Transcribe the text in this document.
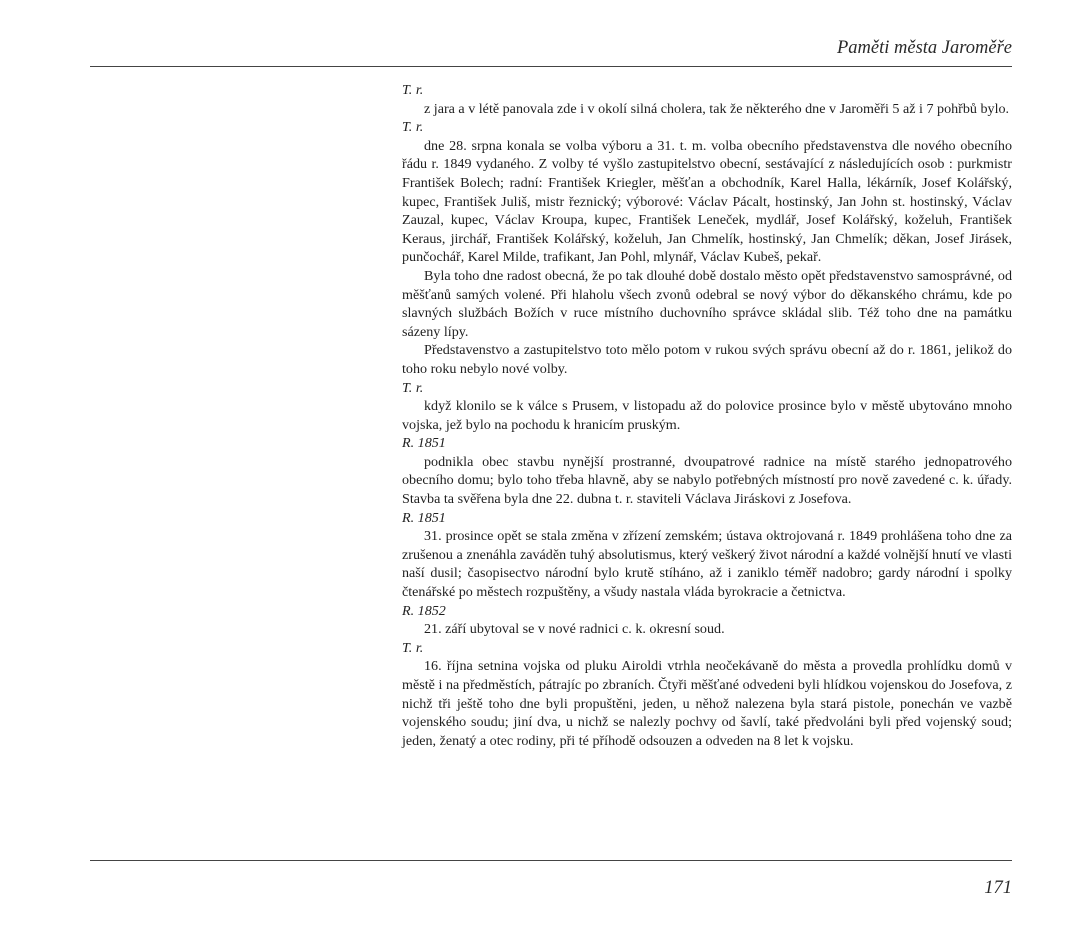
Paměti města Jaroměře

T. r.

z jara a v létě panovala zde i v okolí silná cholera, tak že některého dne v Jaroměři 5 až i 7 pohřbů bylo.

T. r.

dne 28. srpna konala se volba výboru a 31. t. m. volba obecního představenstva dle nového obecního řádu r. 1849 vydaného. Z volby té vyšlo zastupitelstvo obecní, sestávající z následujících osob : purkmistr František Bolech; radní: František Kriegler, měšťan a obchodník, Karel Halla, lékárník, Josef Kolářský, kupec, František Juliš, mistr řeznický; výborové: Václav Pácalt, hostinský, Jan John st. hostinský, Václav Zauzal, kupec, Václav Kroupa, kupec, František Leneček, mydlář, Josef Kolářský, koželuh, František Keraus, jirchář, František Kolářský, koželuh, Jan Chmelík, hostinský, Jan Chmelík; děkan, Josef Jirásek, punčochář, Karel Milde, trafikant, Jan Pohl, mlynář, Václav Kubeš, pekař.

Byla toho dne radost obecná, že po tak dlouhé době dostalo město opět představenstvo samosprávné, od měšťanů samých volené. Při hlaholu všech zvonů odebral se nový výbor do děkanského chrámu, kde po slavných službách Božích v ruce místního duchovního správce skládal slib. Též toho dne na památku sázeny lípy.

Představenstvo a zastupitelstvo toto mělo potom v rukou svých správu obecní až do r. 1861, jelikož do toho roku nebylo nové volby.

T. r.

když klonilo se k válce s Prusem, v listopadu až do polovice prosince bylo v městě ubytováno mnoho vojska, jež bylo na pochodu k hranicím pruským.

R. 1851

podnikla obec stavbu nynější prostranné, dvoupatrové radnice na místě starého jednopatrového obecního domu; bylo toho třeba hlavně, aby se nabylo potřebných místností pro nově zavedené c. k. úřady. Stavba ta svěřena byla dne 22. dubna t. r. staviteli Václava Jiráskovi z Josefova.

R. 1851

31. prosince opět se stala změna v zřízení zemském; ústava oktrojovaná r. 1849 prohlášena toho dne za zrušenou a znenáhla zaváděn tuhý absolutismus, který veškerý život národní a každé volnější hnutí ve vlasti naší dusil; časopisectvo národní bylo krutě stíháno, až i zaniklo téměř nadobro; gardy národní i spolky čtenářské po městech rozpuštěny, a všudy nastala vláda byrokracie a četnictva.

R. 1852

21. září ubytoval se v nové radnici c. k. okresní soud.

T. r.

16. října setnina vojska od pluku Airoldi vtrhla neočekávaně do města a provedla prohlídku domů v městě i na předměstích, pátrajíc po zbraních. Čtyři měšťané odvedeni byli hlídkou vojenskou do Josefova, z nichž tři ještě toho dne byli propuštěni, jeden, u něhož nalezena byla stará pistole, ponechán ve vazbě vojenského soudu; jiní dva, u nichž se nalezly pochvy od šavlí, také předvoláni byli před vojenský soud; jeden, ženatý a otec rodiny, při té příhodě odsouzen a odveden na 8 let k vojsku.

171
